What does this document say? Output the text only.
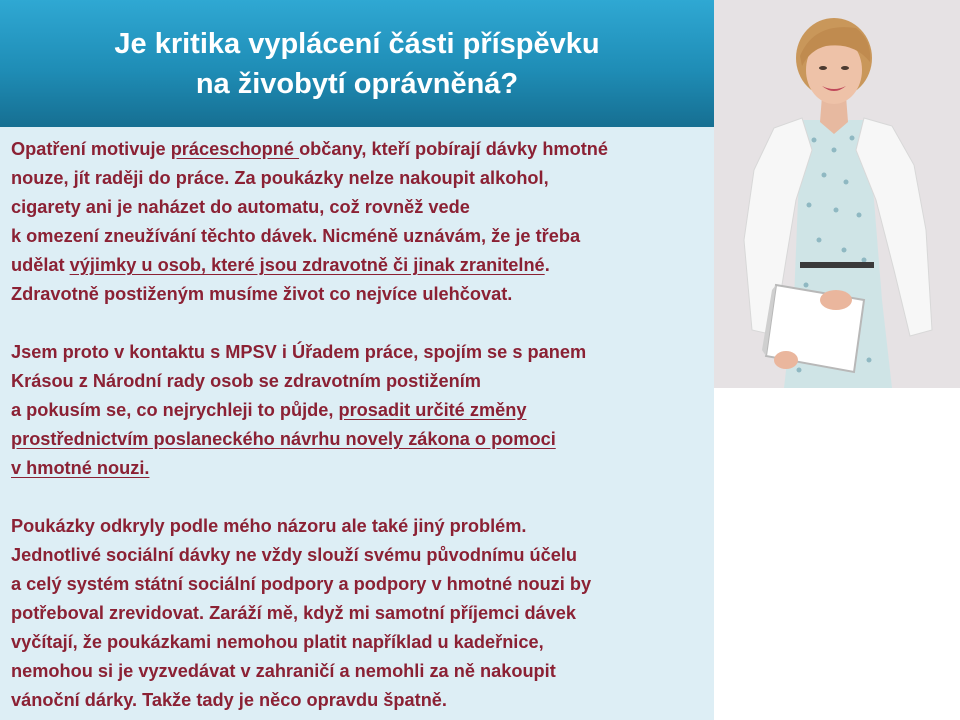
Je kritika vyplácení části příspěvku
na živobytí oprávněná?

Opatření motivuje práceschopné občany, kteří pobírají dávky hmotné

nouze, jít raději do práce. Za poukázky nelze nakoupit alkohol,

cigarety ani je naházet do automatu, což rovněž vede

k omezení zneužívání těchto dávek. Nicméně uznávám, že je třeba

udělat výjimky u osob, které jsou zdravotně či jinak zranitelné.

Zdravotně postiženým musíme život co nejvíce ulehčovat.

Jsem proto v kontaktu s MPSV i Úřadem práce, spojím se s panem

Krásou z Národní rady osob se zdravotním postižením

a pokusím se, co nejrychleji to půjde, prosadit určité změny

prostřednictvím poslaneckého návrhu novely zákona o pomoci

v hmotné nouzi.

Poukázky odkryly podle mého názoru ale také jiný problém.

Jednotlivé sociální dávky ne vždy slouží svému původnímu účelu

a celý systém státní sociální podpory a podpory v hmotné nouzi by

potřeboval zrevidovat. Zaráží mě, když mi samotní příjemci dávek

vyčítají, že poukázkami nemohou platit například u kadeřnice,

nemohou si je vyzvedávat v zahraničí a nemohli za ně nakoupit

vánoční dárky. Takže tady je něco opravdu špatně.
